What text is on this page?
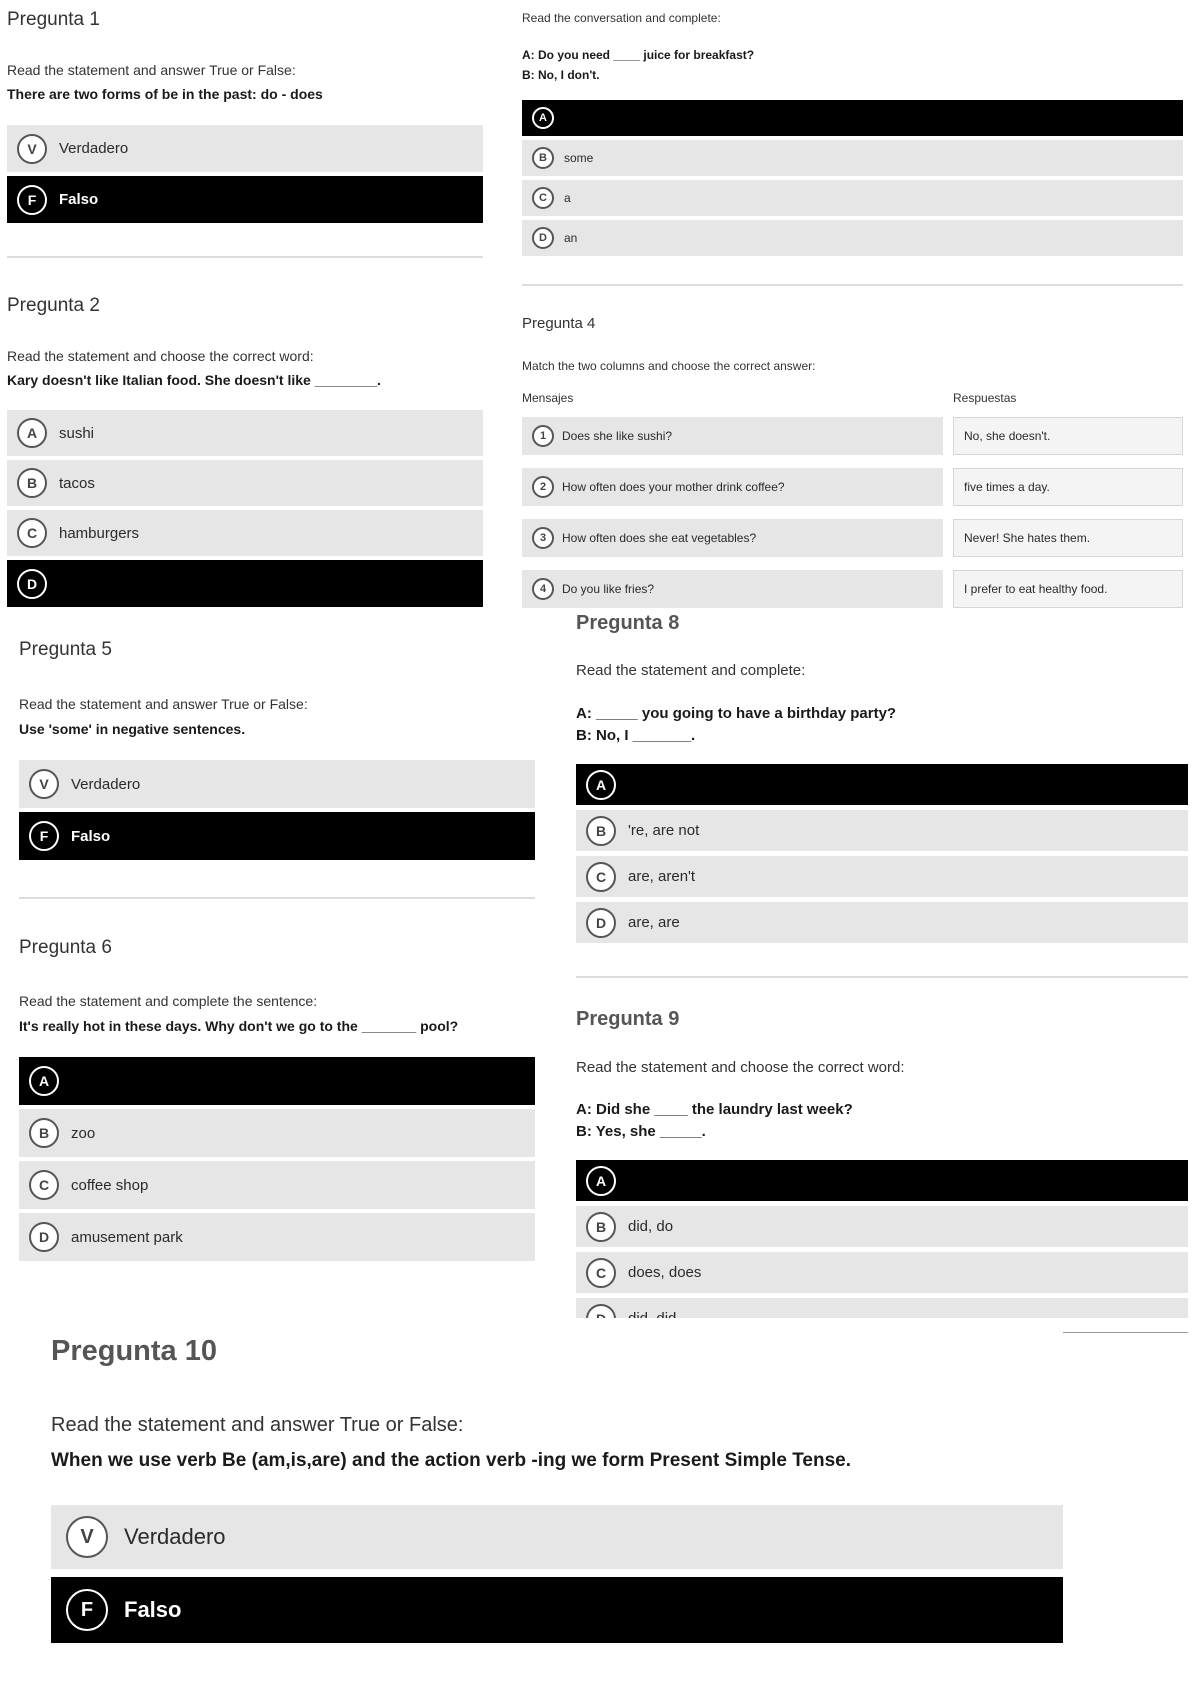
Pregunta 1
Read the statement and answer True or False:
There are two forms of be in the past: do - does
V	Verdadero
F	Falso
Pregunta 2
Read the statement and choose the correct word:
Kary doesn't like Italian food. She doesn't like ________.
A	sushi
B	tacos
C	hamburgers
D
Read the conversation and complete:
A: Do you need ____ juice for breakfast?
B: No, I don't.
A
B	some
C	a
D	an
Pregunta 4
Match the two columns and choose the correct answer:
Mensajes	Respuestas
1	Does she like sushi?	No, she doesn't.
2	How often does your mother drink coffee?	five times a day.
3	How often does she eat vegetables?	Never! She hates them.
4	Do you like fries?	I prefer to eat healthy food.
Pregunta 5
Read the statement and answer True or False:
Use 'some' in negative sentences.
V	Verdadero
F	Falso
Pregunta 6
Read the statement and complete the sentence:
It's really hot in these days. Why don't we go to the _______ pool?
A
B	zoo
C	coffee shop
D	amusement park
Pregunta 8
Read the statement and complete:
A: _____ you going to have a birthday party?
B: No, I _______.
A
B	're, are not
C	are, aren't
D	are, are
Pregunta 9
Read the statement and choose the correct word:
A: Did she ____ the laundry last week?
B: Yes, she _____.
A
B	did, do
C	does, does
Pregunta 10
Read the statement and answer True or False:
When we use verb Be (am,is,are) and the action verb -ing we form Present Simple Tense.
V	Verdadero
F	Falso
